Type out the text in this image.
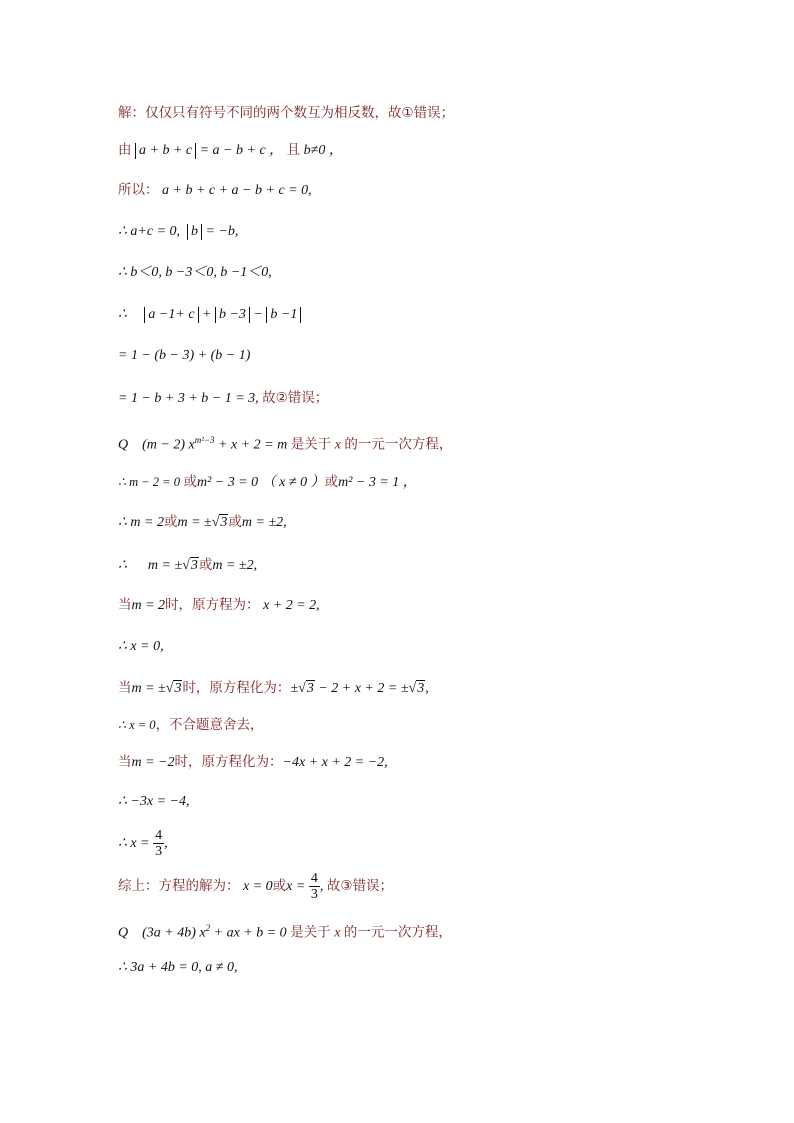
解：仅仅只有符号不同的两个数互为相反数，故①错误；
由 a + b + c = a − b + c ， 且 b≠0 ，
所以： a + b + c + a − b + c = 0,
∴ a+c = 0, b = −b,
∴ b＜0, b −3＜0, b −1＜0,
∴ a −1+ c + b −3 − b −1
= 1 − (b − 3) + (b − 1)
= 1 − b + 3 + b − 1 = 3, 故②错误；
Q (m − 2) $x^{m^2-3} + x + 2 = m$ 是关于 x 的一元一次方程，
∴ m − 2 = 0 或m² − 3 = 0 （ x ≠ 0 ）或m² − 3 = 1 ，
∴ m = 2或m = ±√3或m = ±2,
∴ m = ±√3或m = ±2,
当m = 2时，原方程为： x + 2 = 2,
∴ x = 0,
当m = ±√3时，原方程化为：±√3 − 2 + x + 2 = ±√3,
∴ x = 0，不合题意舍去，
当m = −2时，原方程化为：−4x + x + 2 = −2,
∴ −3x = −4,
∴ $x = \frac{4}{3}$ ,
综上：方程的解为： x = 0或$x = \frac{4}{3}$ , 故③错误；
Q (3a + 4b) $x^2$ + ax + b = 0 是关于 x 的一元一次方程，
∴ 3a + 4b = 0, a ≠ 0,
